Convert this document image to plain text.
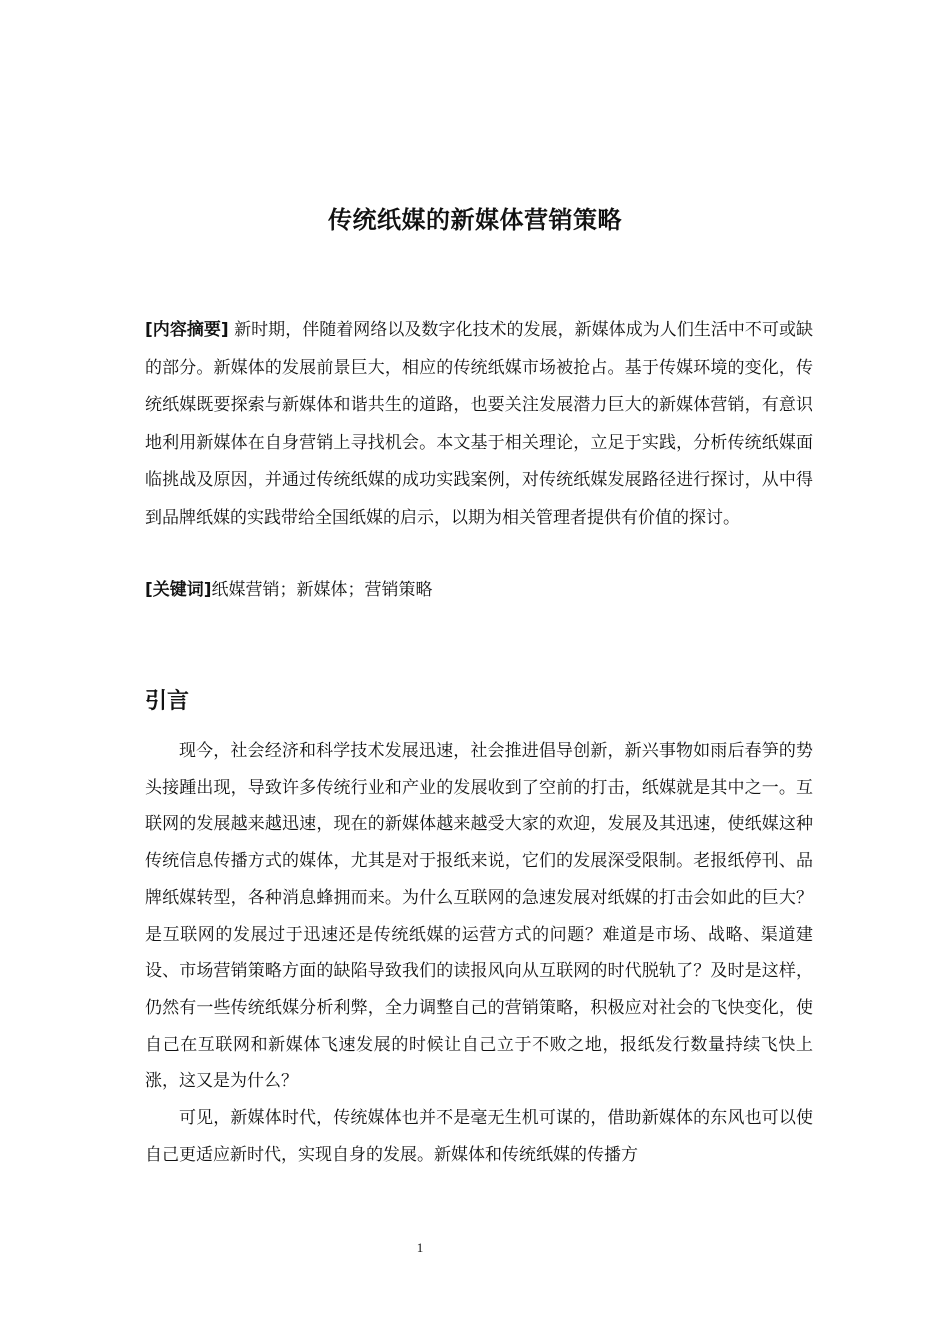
传统纸媒的新媒体营销策略

[内容摘要] 新时期，伴随着网络以及数字化技术的发展，新媒体成为人们生活中不可或缺的部分。新媒体的发展前景巨大，相应的传统纸媒市场被抢占。基于传媒环境的变化，传统纸媒既要探索与新媒体和谐共生的道路，也要关注发展潜力巨大的新媒体营销，有意识地利用新媒体在自身营销上寻找机会。本文基于相关理论，立足于实践，分析传统纸媒面临挑战及原因，并通过传统纸媒的成功实践案例，对传统纸媒发展路径进行探讨，从中得到品牌纸媒的实践带给全国纸媒的启示，以期为相关管理者提供有价值的探讨。

[关键词]纸媒营销；新媒体；营销策略
引言

现今，社会经济和科学技术发展迅速，社会推进倡导创新，新兴事物如雨后春笋的势头接踵出现，导致许多传统行业和产业的发展收到了空前的打击，纸媒就是其中之一。互联网的发展越来越迅速，现在的新媒体越来越受大家的欢迎，发展及其迅速，使纸媒这种传统信息传播方式的媒体，尤其是对于报纸来说，它们的发展深受限制。老报纸停刊、品牌纸媒转型，各种消息蜂拥而来。为什么互联网的急速发展对纸媒的打击会如此的巨大？是互联网的发展过于迅速还是传统纸媒的运营方式的问题？难道是市场、战略、渠道建设、市场营销策略方面的缺陷导致我们的读报风向从互联网的时代脱轨了？及时是这样，仍然有一些传统纸媒分析利弊，全力调整自己的营销策略，积极应对社会的飞快变化，使自己在互联网和新媒体飞速发展的时候让自己立于不败之地，报纸发行数量持续飞快上涨，这又是为什么？

可见，新媒体时代，传统媒体也并不是毫无生机可谋的，借助新媒体的东风也可以使自己更适应新时代，实现自身的发展。新媒体和传统纸媒的传播方

1
